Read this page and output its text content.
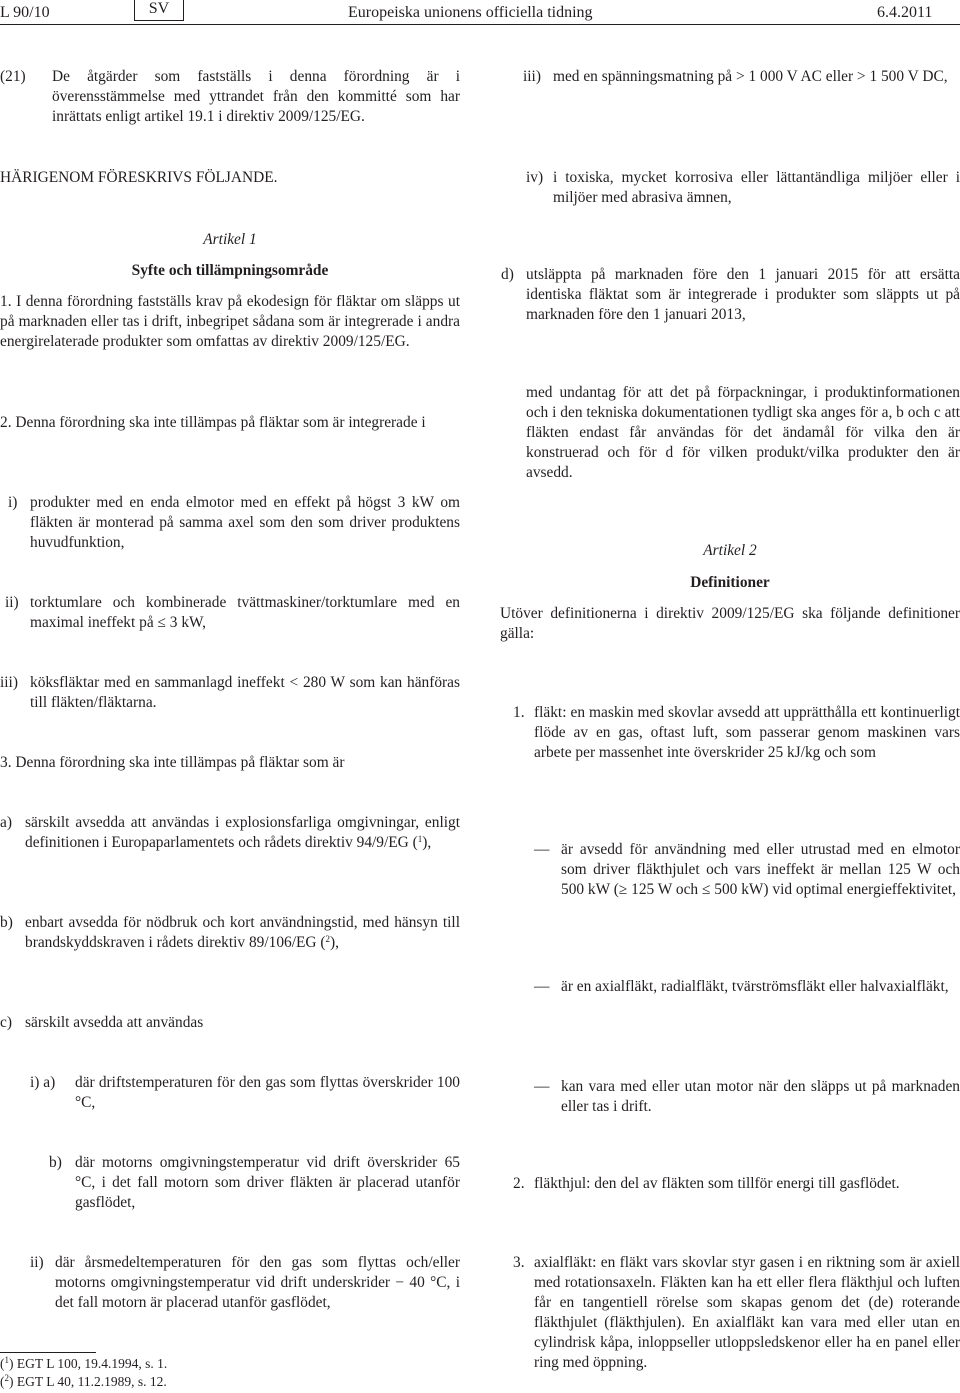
L 90/10	SV	Europeiska unionens officiella tidning	6.4.2011
(21) De åtgärder som fastställs i denna förordning är i överensstämmelse med yttrandet från den kommitté som har inrättats enligt artikel 19.1 i direktiv 2009/125/EG.
HÄRIGENOM FÖRESKRIVS FÖLJANDE.
Artikel 1
Syfte och tillämpningsområde
1. I denna förordning fastställs krav på ekodesign för fläktar om släpps ut på marknaden eller tas i drift, inbegripet sådana som är integrerade i andra energirelaterade produkter som omfattas av direktiv 2009/125/EG.
2. Denna förordning ska inte tillämpas på fläktar som är integrerade i
i) produkter med en enda elmotor med en effekt på högst 3 kW om fläkten är monterad på samma axel som den som driver produktens huvudfunktion,
ii) torktumlare och kombinerade tvättmaskiner/torktumlare med en maximal ineffekt på ≤ 3 kW,
iii) köksfläktar med en sammanlagd ineffekt < 280 W som kan hänföras till fläkten/fläktarna.
3. Denna förordning ska inte tillämpas på fläktar som är
a) särskilt avsedda att användas i explosionsfarliga omgivningar, enligt definitionen i Europaparlamentets och rådets direktiv 94/9/EG ($^1$),
b) enbart avsedda för nödbruk och kort användningstid, med hänsyn till brandskyddskraven i rådets direktiv 89/106/EG ($^2$),
c) särskilt avsedda att användas
i) a) där driftstemperaturen för den gas som flyttas överskrider 100 °C,
b) där motorns omgivningstemperatur vid drift överskrider 65 °C, i det fall motorn som driver fläkten är placerad utanför gasflödet,
ii) där årsmedeltemperaturen för den gas som flyttas och/eller motorns omgivningstemperatur vid drift underskrider − 40 °C, i det fall motorn är placerad utanför gasflödet,
($^1$) EGT L 100, 19.4.1994, s. 1.
($^2$) EGT L 40, 11.2.1989, s. 12.
iii) med en spänningsmatning på > 1 000 V AC eller > 1 500 V DC,
iv) i toxiska, mycket korrosiva eller lättantändliga miljöer eller i miljöer med abrasiva ämnen,
d) utsläppta på marknaden före den 1 januari 2015 för att ersätta identiska fläktat som är integrerade i produkter som släppts ut på marknaden före den 1 januari 2013,
med undantag för att det på förpackningar, i produktinformationen och i den tekniska dokumentationen tydligt ska anges för a, b och c att fläkten endast får användas för det ändamål för vilka den är konstruerad och för d för vilken produkt/vilka produkter den är avsedd.
Artikel 2
Definitioner
Utöver definitionerna i direktiv 2009/125/EG ska följande definitioner gälla:
1. fläkt: en maskin med skovlar avsedd att upprätthålla ett kontinuerligt flöde av en gas, oftast luft, som passerar genom maskinen vars arbete per massenhet inte överskrider 25 kJ/kg och som
— är avsedd för användning med eller utrustad med en elmotor som driver fläkthjulet och vars ineffekt är mellan 125 W och 500 kW (≥ 125 W och ≤ 500 kW) vid optimal energieffektivitet,
— är en axialfläkt, radialfläkt, tvärströmsfläkt eller halvaxialfläkt,
— kan vara med eller utan motor när den släpps ut på marknaden eller tas i drift.
2. fläkthjul: den del av fläkten som tillför energi till gasflödet.
3. axialfläkt: en fläkt vars skovlar styr gasen i en riktning som är axiell med rotationsaxeln. Fläkten kan ha ett eller flera fläkthjul och luften får en tangentiell rörelse som skapas genom det (de) roterande fläkthjulet (fläkthjulen). En axialfläkt kan vara med eller utan en cylindrisk kåpa, inloppseller utloppsledskenor eller ha en panel eller ring med öppning.
